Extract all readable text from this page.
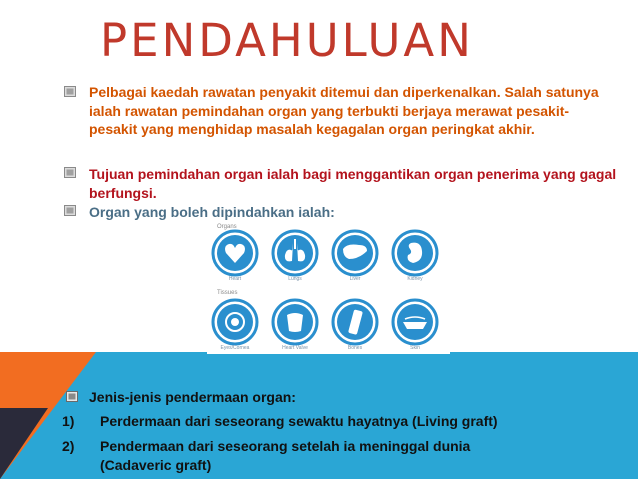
PENDAHULUAN
Pelbagai kaedah rawatan penyakit ditemui dan diperkenalkan. Salah satunya ialah rawatan pemindahan organ yang terbukti berjaya merawat pesakit-pesakit yang menghidap masalah kegagalan organ peringkat akhir.
Tujuan pemindahan organ ialah bagi menggantikan organ penerima yang gagal berfungsi.
Organ yang boleh dipindahkan ialah:
Organs
Tissues
Heart	Lungs	Liver	Kidney
Eyes/Cornea	Heart Valve	Bones	Skin
Jenis-jenis pendermaan organ:
1) Perdermaan dari seseorang sewaktu hayatnya (Living graft)
2) Pendermaan dari seseorang setelah ia meninggal dunia
(Cadaveric graft)
